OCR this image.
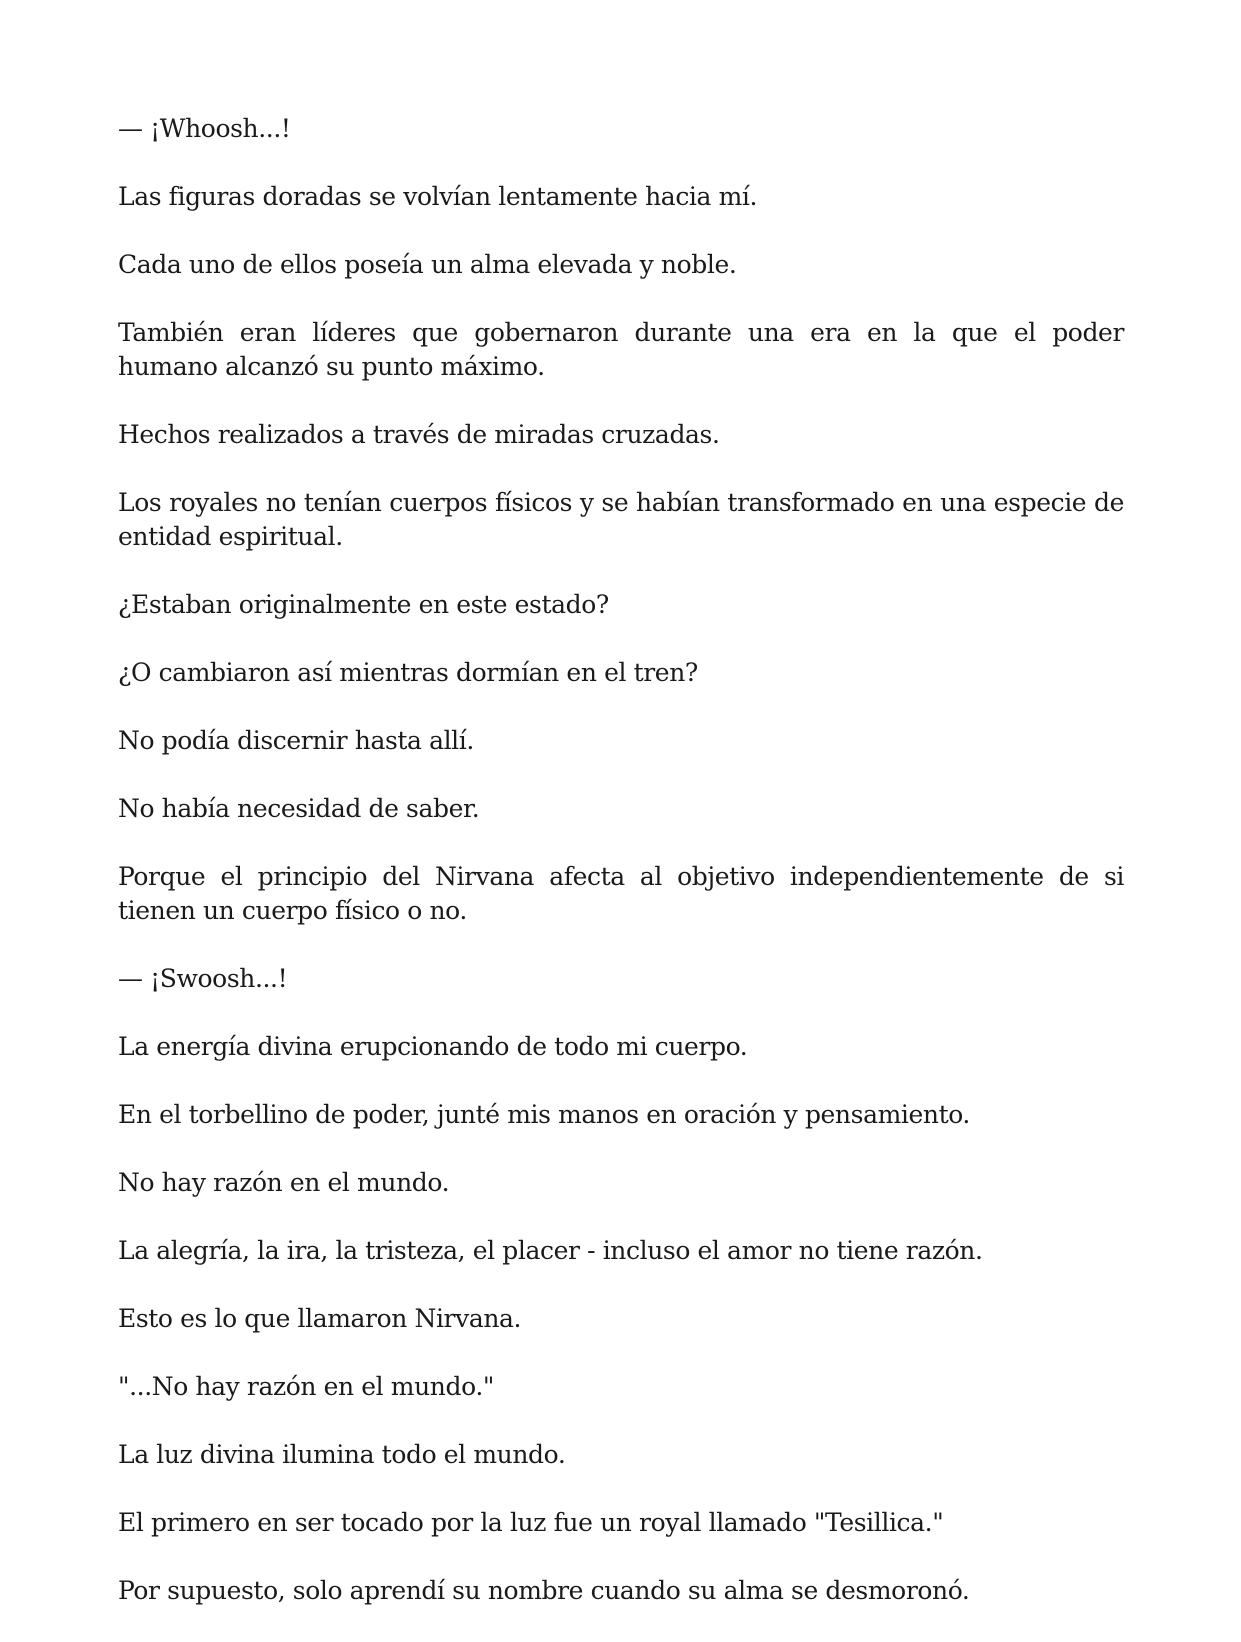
— ¡Whoosh...!

Las figuras doradas se volvían lentamente hacia mí.

Cada uno de ellos poseía un alma elevada y noble.

También eran líderes que gobernaron durante una era en la que el poder humano alcanzó su punto máximo.

Hechos realizados a través de miradas cruzadas.

Los royales no tenían cuerpos físicos y se habían transformado en una especie de entidad espiritual.

¿Estaban originalmente en este estado?

¿O cambiaron así mientras dormían en el tren?

No podía discernir hasta allí.

No había necesidad de saber.

Porque el principio del Nirvana afecta al objetivo independientemente de si tienen un cuerpo físico o no.

— ¡Swoosh...!

La energía divina erupcionando de todo mi cuerpo.

En el torbellino de poder, junté mis manos en oración y pensamiento.

No hay razón en el mundo.

La alegría, la ira, la tristeza, el placer - incluso el amor no tiene razón.

Esto es lo que llamaron Nirvana.

"...No hay razón en el mundo."

La luz divina ilumina todo el mundo.

El primero en ser tocado por la luz fue un royal llamado "Tesillica."

Por supuesto, solo aprendí su nombre cuando su alma se desmoronó.
